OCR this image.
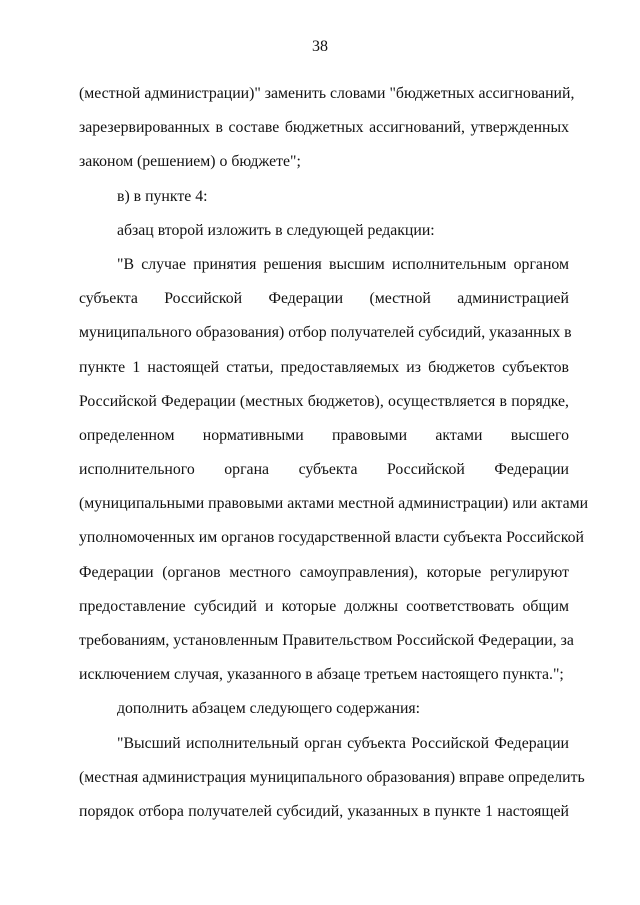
38
(местной администрации)" заменить словами "бюджетных ассигнований,
зарезервированных в составе бюджетных ассигнований, утвержденных
законом (решением) о бюджете";
в) в пункте 4:
абзац второй изложить в следующей редакции:
"В случае принятия решения высшим исполнительным органом
субъекта Российской Федерации (местной администрацией
муниципального образования) отбор получателей субсидий, указанных в
пункте 1 настоящей статьи, предоставляемых из бюджетов субъектов
Российской Федерации (местных бюджетов), осуществляется в порядке,
определенном нормативными правовыми актами высшего
исполнительного органа субъекта Российской Федерации
(муниципальными правовыми актами местной администрации) или актами
уполномоченных им органов государственной власти субъекта Российской
Федерации (органов местного самоуправления), которые регулируют
предоставление субсидий и которые должны соответствовать общим
требованиям, установленным Правительством Российской Федерации, за
исключением случая, указанного в абзаце третьем настоящего пункта.";
дополнить абзацем следующего содержания:
"Высший исполнительный орган субъекта Российской Федерации
(местная администрация муниципального образования) вправе определить
порядок отбора получателей субсидий, указанных в пункте 1 настоящей
